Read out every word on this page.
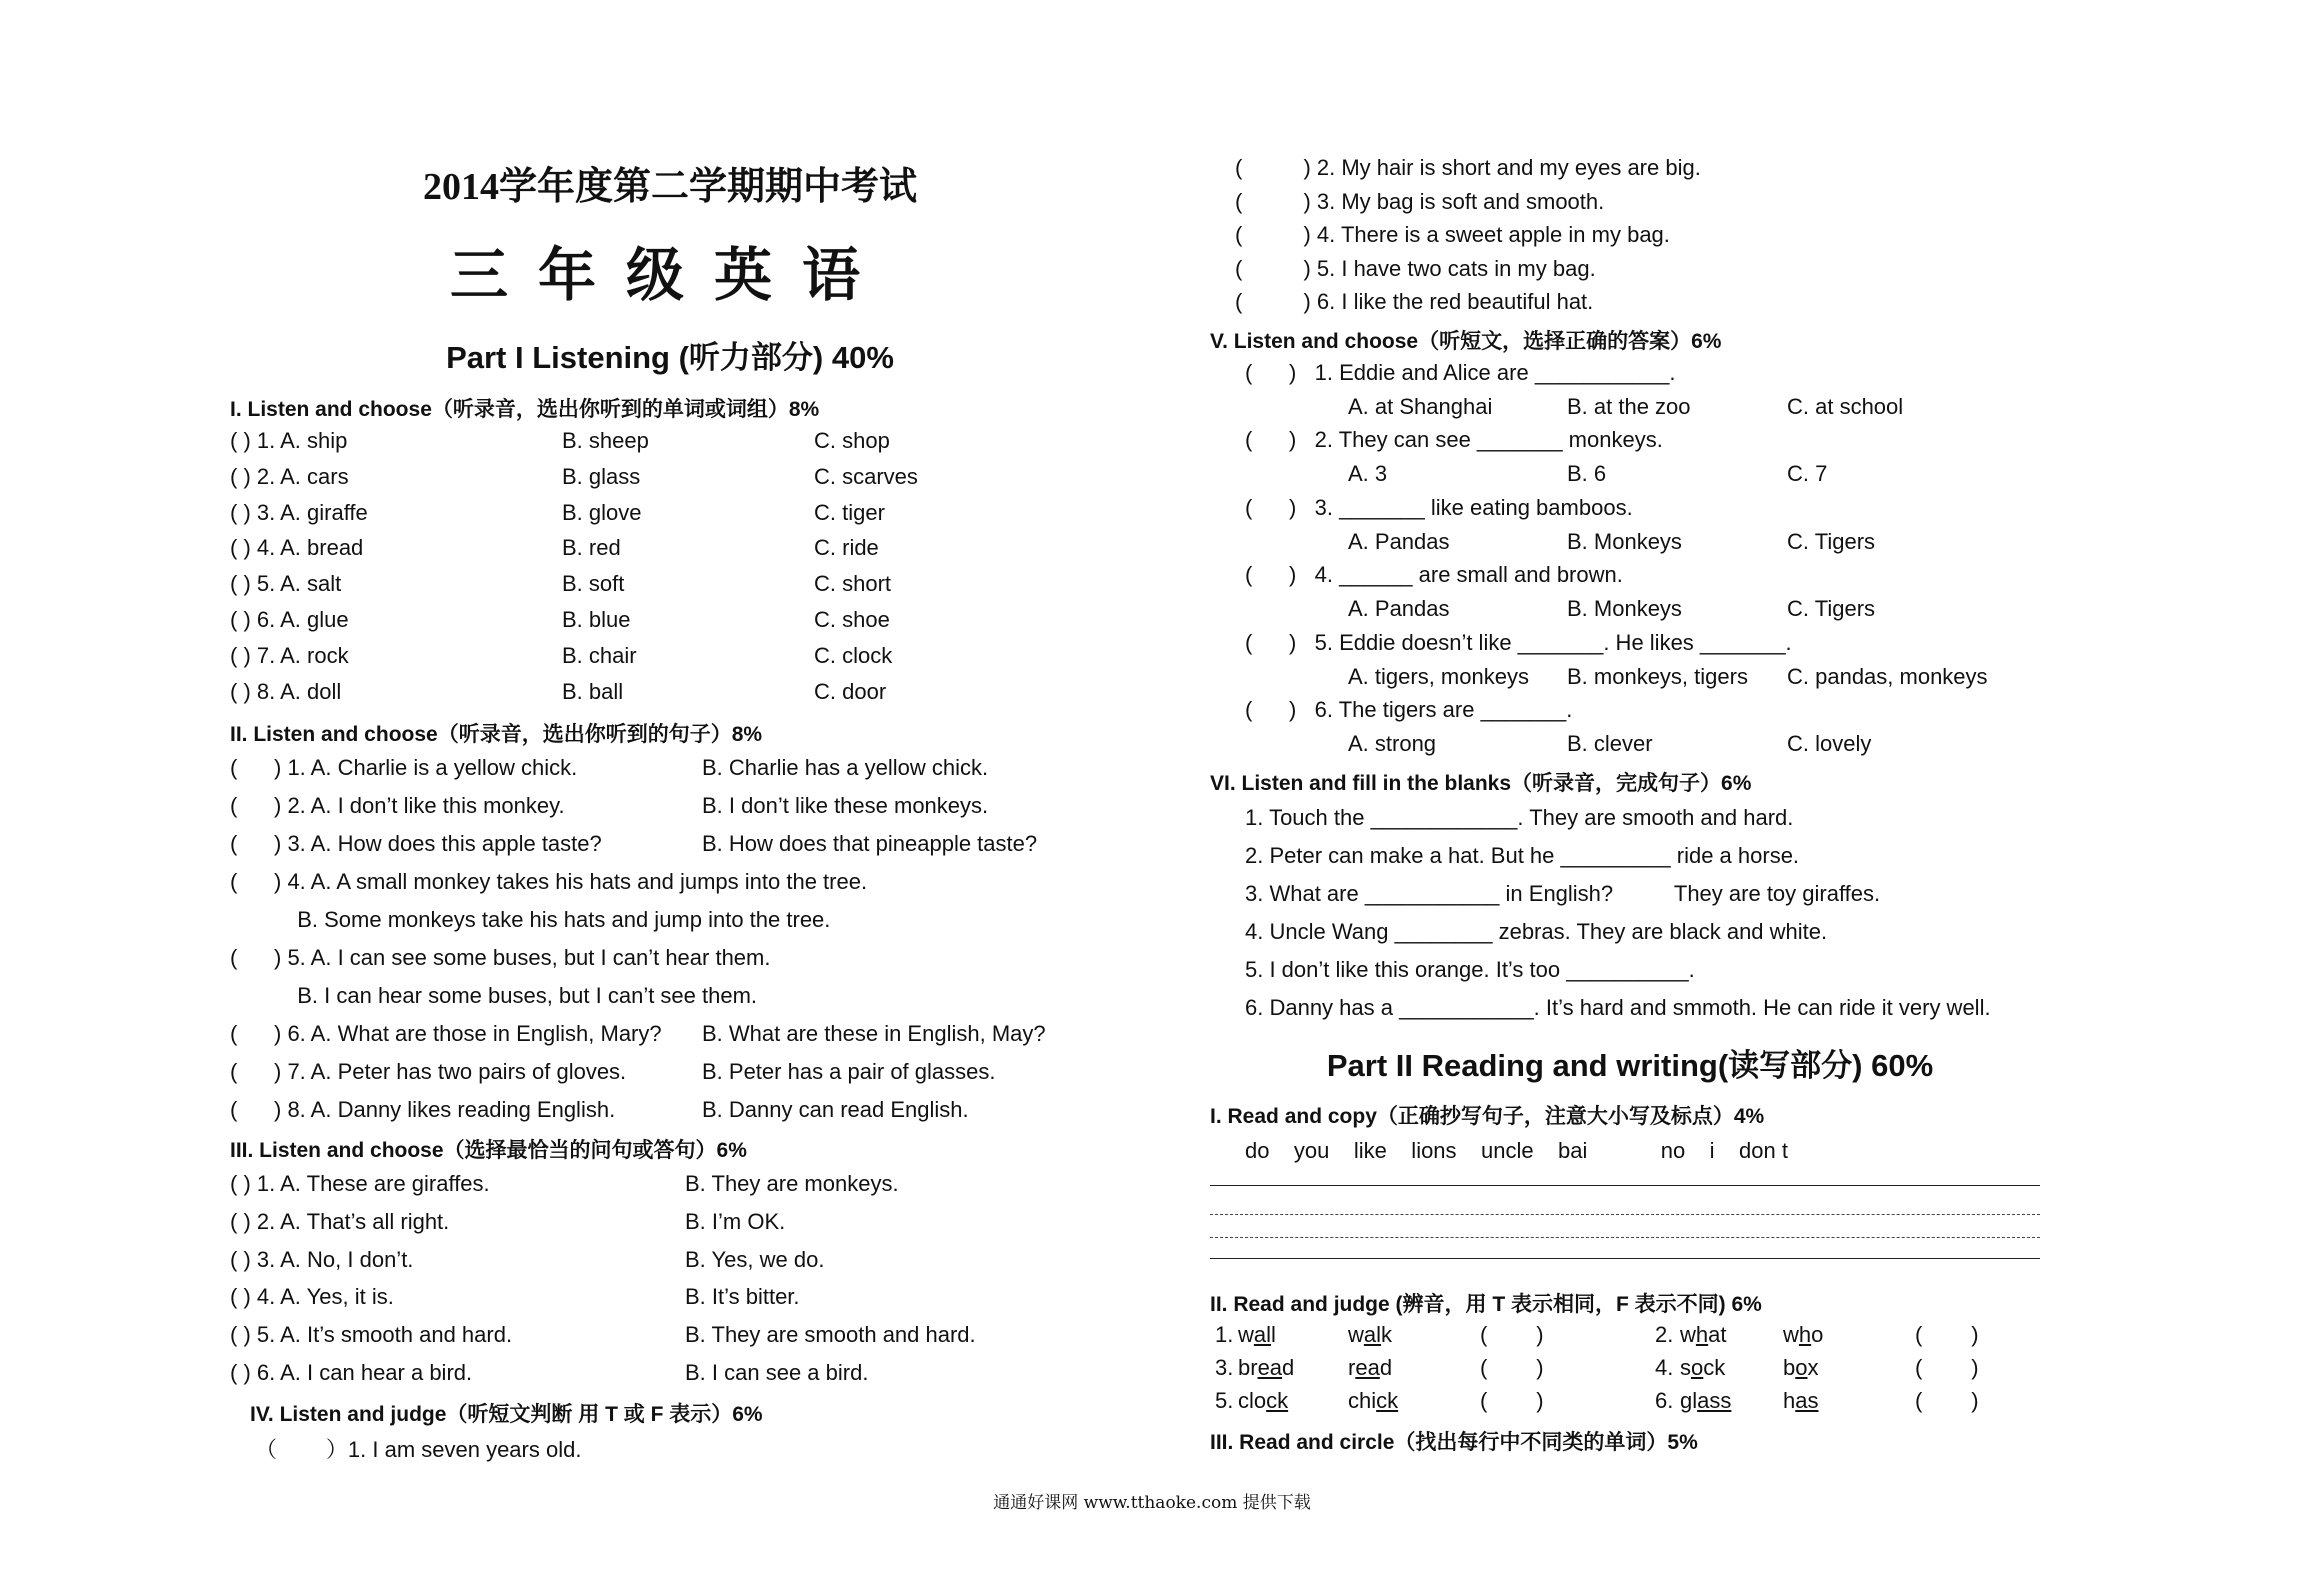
2014学年度第二学期期中考试
三年级英语
Part I Listening (听力部分) 40%
I. Listen and choose（听录音，选出你听到的单词或词组）8%
( ) 1. A. ship	B. sheep	C. shop
( ) 2. A. cars	B. glass	C. scarves
( ) 3. A. giraffe	B. glove	C. tiger
( ) 4. A. bread	B. red	C. ride
( ) 5. A. salt	B. soft	C. short
( ) 6. A. glue	B. blue	C. shoe
( ) 7. A. rock	B. chair	C. clock
( ) 8. A. doll	B. ball	C. door
II. Listen and choose（听录音，选出你听到的句子）8%
(      ) 1. A. Charlie is a yellow chick.	B. Charlie has a yellow chick.
(      ) 2. A. I don’t like this monkey.	B. I don’t like these monkeys.
(      ) 3. A. How does this apple taste?	B. How does that pineapple taste?
(      ) 4. A. A small monkey takes his hats and jumps into the tree.
B. Some monkeys take his hats and jump into the tree.
(      ) 5. A. I can see some buses, but I can’t hear them.
B. I can hear some buses, but I can’t see them.
(      ) 6. A. What are those in English, Mary? B. What are these in English, May?
(      ) 7. A. Peter has two pairs of gloves.	B. Peter has a pair of glasses.
(      ) 8. A. Danny likes reading English.	B. Danny can read English.
III. Listen and choose（选择最恰当的问句或答句）6%
( ) 1. A. These are giraffes.	B. They are monkeys.
( ) 2. A. That’s all right.	B. I’m OK.
( ) 3. A. No, I don’t.	B. Yes, we do.
( ) 4. A. Yes, it is.	B. It’s bitter.
( ) 5. A. It’s smooth and hard.	B. They are smooth and hard.
( ) 6. A. I can hear a bird.	B. I can see a bird.
IV. Listen and judge（听短文判断 用 T 或 F 表示）6%
（        ）1. I am seven years old.
(          ) 2. My hair is short and my eyes are big.
(          ) 3. My bag is soft and smooth.
(          ) 4. There is a sweet apple in my bag.
(          ) 5. I have two cats in my bag.
(          ) 6. I like the red beautiful hat.
V. Listen and choose（听短文，选择正确的答案）6%
(      )   1. Eddie and Alice are ___________.
A. at Shanghai	B. at the zoo	C. at school
(      )   2. They can see _______ monkeys.
A. 3	B. 6	C. 7
(      )   3. _______ like eating bamboos.
A. Pandas	B. Monkeys	C. Tigers
(      )   4. ______ are small and brown.
A. Pandas	B. Monkeys	C. Tigers
(      )   5. Eddie doesn’t like _______. He likes _______.
A. tigers, monkeys B. monkeys, tigers C. pandas, monkeys
(      )   6. The tigers are _______.
A. strong	B. clever	C. lovely
VI. Listen and fill in the blanks（听录音，完成句子）6%
1. Touch the ____________. They are smooth and hard.
2. Peter can make a hat. But he _________ ride a horse.
3. What are ___________ in English?          They are toy giraffes.
4. Uncle Wang ________ zebras. They are black and white.
5. I don’t like this orange. It’s too __________.
6. Danny has a ___________. It’s hard and smmoth. He can ride it very well.
Part II Reading and writing(读写部分) 60%
I. Read and copy（正确抄写句子，注意大小写及标点）4%
do    you    like    lions    uncle    bai            no    i    don t
II. Read and judge (辨音，用 T 表示相同，F 表示不同) 6%
1. wall	walk	(        )	2. what	who	(        )
3. bread read	(        )	4. sock	box	(        )
5. clock	chick	(        )	6. glass has	(        )
III. Read and circle（找出每行中不同类的单词）5%
通通好课网 www.tthaoke.com 提供下载
